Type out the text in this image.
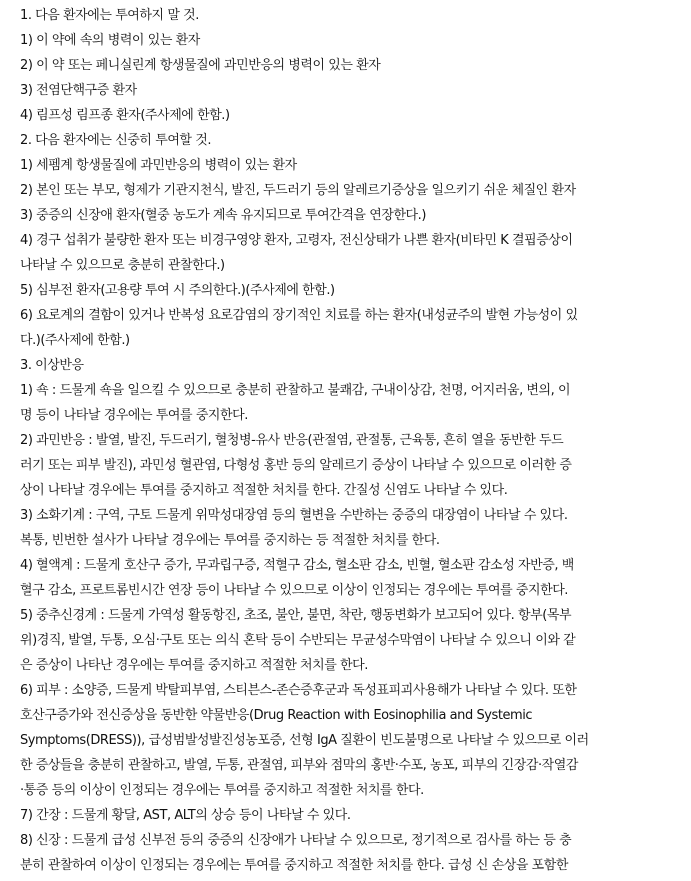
1. 다음 환자에는 투여하지 말 것.
1) 이 약에 속의 병력이 있는 환자
2) 이 약 또는 페니실린계 항생물질에 과민반응의 병력이 있는 환자
3) 전염단핵구증 환자
4) 림프성 림프종 환자(주사제에 한함.)
2. 다음 환자에는 신중히 투여할 것.
1) 세펨계 항생물질에 과민반응의 병력이 있는 환자
2) 본인 또는 부모, 형제가 기관지천식, 발진, 두드러기 등의 알레르기증상을 일으키기 쉬운 체질인 환자
3) 중증의 신장애 환자(혈중 농도가 계속 유지되므로 투여간격을 연장한다.)
4) 경구 섭취가 불량한 환자 또는 비경구영양 환자, 고령자, 전신상태가 나쁜 환자(비타민 K 결핍증상이
나타날 수 있으므로 충분히 관찰한다.)
5) 심부전 환자(고용량 투여 시 주의한다.)(주사제에 한함.)
6) 요로계의 결함이 있거나 반복성 요로감염의 장기적인 치료를 하는 환자(내성균주의 발현 가능성이 있
다.)(주사제에 한함.)
3. 이상반응
1) 쇽 : 드물게 쇽을 일으킬 수 있으므로 충분히 관찰하고 불쾌감, 구내이상감, 천명, 어지러움, 변의, 이
명 등이 나타날 경우에는 투여를 중지한다.
2) 과민반응 : 발열, 발진, 두드러기, 혈청병-유사 반응(관절염, 관절통, 근육통, 흔히 열을 동반한 두드
러기 또는 피부 발진), 과민성 혈관염, 다형성 홍반 등의 알레르기 증상이 나타날 수 있으므로 이러한 증
상이 나타날 경우에는 투여를 중지하고 적절한 처치를 한다. 간질성 신염도 나타날 수 있다.
3) 소화기계 : 구역, 구토 드물게 위막성대장염 등의 혈변을 수반하는 중증의 대장염이 나타날 수 있다.
복통, 빈번한 설사가 나타날 경우에는 투여를 중지하는 등 적절한 처치를 한다.
4) 혈액계 : 드물게 호산구 증가, 무과립구증, 적혈구 감소, 혈소판 감소, 빈혈, 혈소판 감소성 자반증, 백
혈구 감소, 프로트롬빈시간 연장 등이 나타날 수 있으므로 이상이 인정되는 경우에는 투여를 중지한다.
5) 중추신경계 : 드물게 가역성 활동항진, 초조, 불안, 불면, 착란, 행동변화가 보고되어 있다. 항부(목부
위)경직, 발열, 두통, 오심·구토 또는 의식 혼탁 등이 수반되는 무균성수막염이 나타날 수 있으니 이와 같
은 증상이 나타난 경우에는 투여를 중지하고 적절한 처치를 한다.
6) 피부 : 소양증, 드물게 박탈피부염, 스티븐스-존슨증후군과 독성표피괴사용해가 나타날 수 있다. 또한
호산구증가와 전신증상을 동반한 약물반응(Drug Reaction with Eosinophilia and Systemic
Symptoms(DRESS)), 급성범발성발진성농포증, 선형 IgA 질환이 빈도불명으로 나타날 수 있으므로 이러
한 증상들을 충분히 관찰하고, 발열, 두통, 관절염, 피부와 점막의 홍반·수포, 농포, 피부의 긴장감·작열감
·통증 등의 이상이 인정되는 경우에는 투여를 중지하고 적절한 처치를 한다.
7) 간장 : 드물게 황달, AST, ALT의 상승 등이 나타날 수 있다.
8) 신장 : 드물게 급성 신부전 등의 중증의 신장애가 나타날 수 있으므로, 정기적으로 검사를 하는 등 충
분히 관찰하여 이상이 인정되는 경우에는 투여를 중지하고 적절한 처치를 한다. 급성 신 손상을 포함한
